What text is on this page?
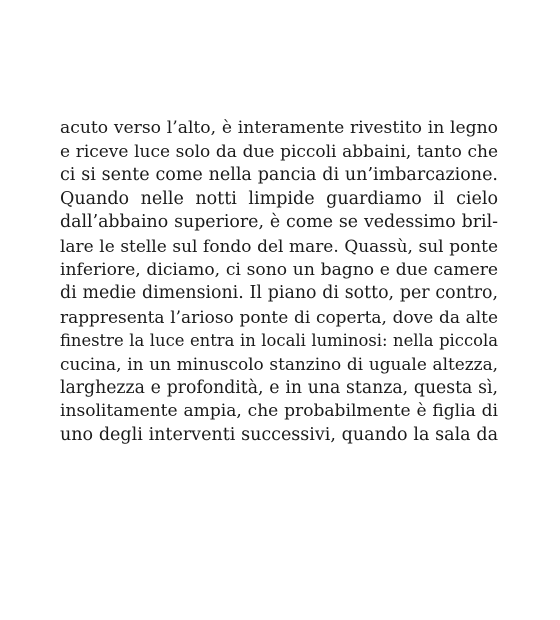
acuto verso l’alto, è interamente rivestito in legno
e riceve luce solo da due piccoli abbaini, tanto che
ci si sente come nella pancia di un’imbarcazione.
Quando nelle notti limpide guardiamo il cielo
dall’abbaino superiore, è come se vedessimo bril-
lare le stelle sul fondo del mare. Quassù, sul ponte
inferiore, diciamo, ci sono un bagno e due camere
di medie dimensioni. Il piano di sotto, per contro,
rappresenta l’arioso ponte di coperta, dove da alte
finestre la luce entra in locali luminosi: nella piccola
cucina, in un minuscolo stanzino di uguale altezza,
larghezza e profondità, e in una stanza, questa sì,
insolitamente ampia, che probabilmente è figlia di
uno degli interventi successivi, quando la sala da
